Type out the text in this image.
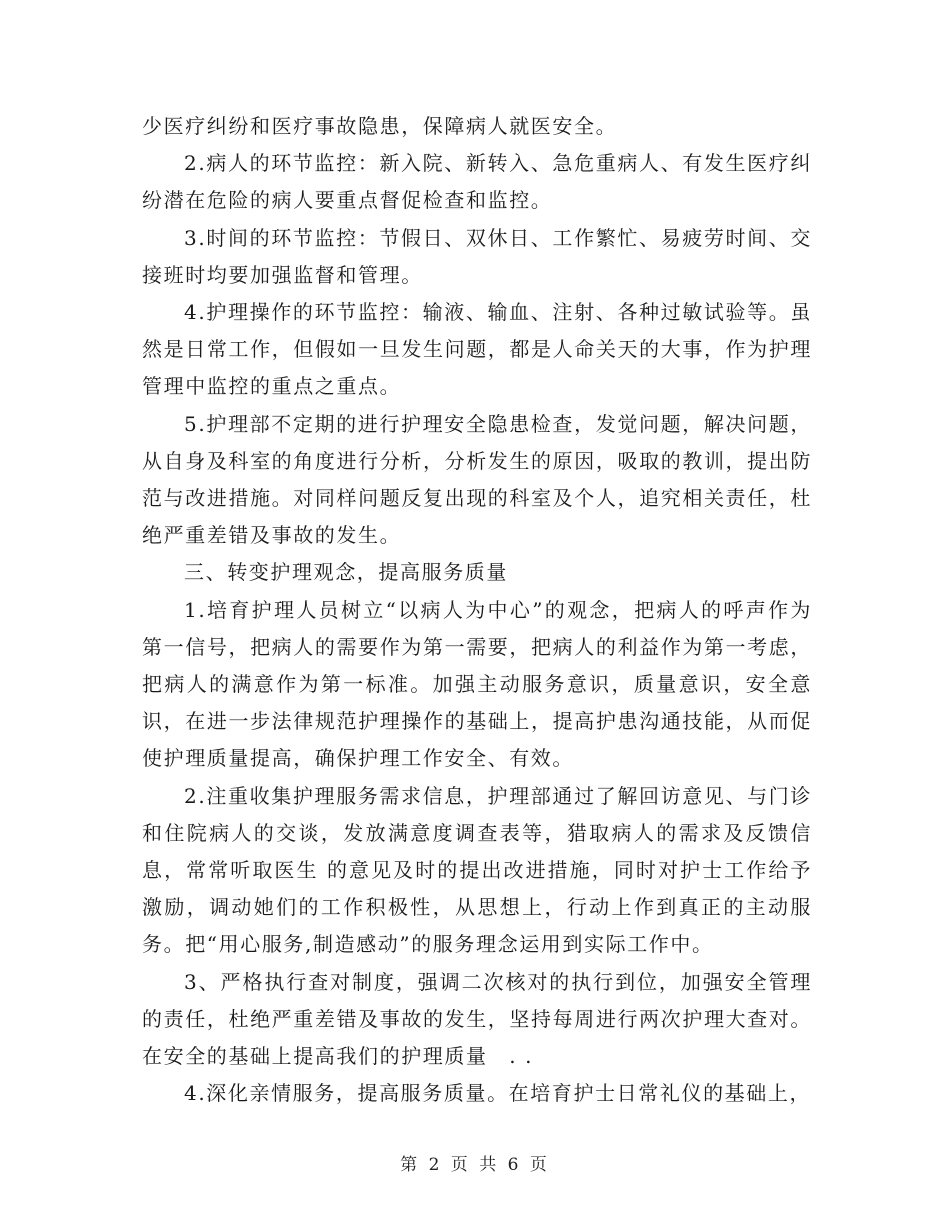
少医疗纠纷和医疗事故隐患，保障病人就医安全。

2.病人的环节监控：新入院、新转入、急危重病人、有发生医疗纠纷潜在危险的病人要重点督促检查和监控。

3.时间的环节监控：节假日、双休日、工作繁忙、易疲劳时间、交接班时均要加强监督和管理。

4.护理操作的环节监控：输液、输血、注射、各种过敏试验等。虽然是日常工作，但假如一旦发生问题，都是人命关天的大事，作为护理管理中监控的重点之重点。

5.护理部不定期的进行护理安全隐患检查，发觉问题，解决问题，从自身及科室的角度进行分析，分析发生的原因，吸取的教训，提出防范与改进措施。对同样问题反复出现的科室及个人，追究相关责任，杜绝严重差错及事故的发生。

三、转变护理观念，提高服务质量

1.培育护理人员树立“以病人为中心”的观念，把病人的呼声作为第一信号，把病人的需要作为第一需要，把病人的利益作为第一考虑，把病人的满意作为第一标准。加强主动服务意识，质量意识，安全意识，在进一步法律规范护理操作的基础上，提高护患沟通技能，从而促使护理质量提高，确保护理工作安全、有效。

2.注重收集护理服务需求信息，护理部通过了解回访意见、与门诊和住院病人的交谈，发放满意度调查表等，猎取病人的需求及反馈信息，常常听取医生 的意见及时的提出改进措施，同时对护士工作给予激励，调动她们的工作积极性，从思想上，行动上作到真正的主动服务。把“用心服务,制造感动”的服务理念运用到实际工作中。

3、严格执行查对制度，强调二次核对的执行到位，加强安全管理的责任，杜绝严重差错及事故的发生，坚持每周进行两次护理大查对。在安全的基础上提高我们的护理质量　. .

4.深化亲情服务，提高服务质量。在培育护士日常礼仪的基础上，

第 2 页 共 6 页
